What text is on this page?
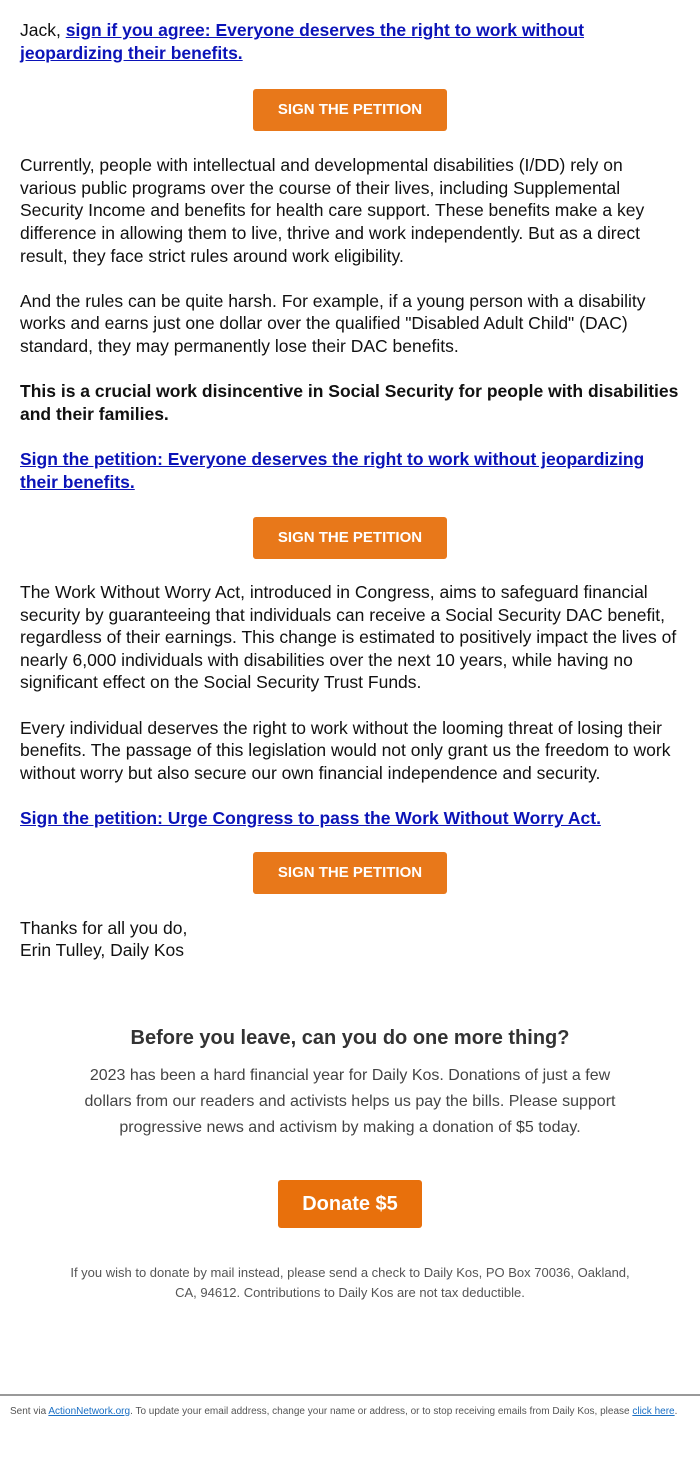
Jack, sign if you agree: Everyone deserves the right to work without jeopardizing their benefits.

SIGN THE PETITION

Currently, people with intellectual and developmental disabilities (I/DD) rely on various public programs over the course of their lives, including Supplemental Security Income and benefits for health care support. These benefits make a key difference in allowing them to live, thrive and work independently. But as a direct result, they face strict rules around work eligibility.

And the rules can be quite harsh. For example, if a young person with a disability works and earns just one dollar over the qualified "Disabled Adult Child" (DAC) standard, they may permanently lose their DAC benefits.

This is a crucial work disincentive in Social Security for people with disabilities and their families.

Sign the petition: Everyone deserves the right to work without jeopardizing their benefits.

SIGN THE PETITION

The Work Without Worry Act, introduced in Congress, aims to safeguard financial security by guaranteeing that individuals can receive a Social Security DAC benefit, regardless of their earnings. This change is estimated to positively impact the lives of nearly 6,000 individuals with disabilities over the next 10 years, while having no significant effect on the Social Security Trust Funds.

Every individual deserves the right to work without the looming threat of losing their benefits. The passage of this legislation would not only grant us the freedom to work without worry but also secure our own financial independence and security.

Sign the petition: Urge Congress to pass the Work Without Worry Act.

SIGN THE PETITION

Thanks for all you do,

Erin Tulley, Daily Kos

Before you leave, can you do one more thing?
2023 has been a hard financial year for Daily Kos. Donations of just a few dollars from our readers and activists helps us pay the bills. Please support progressive news and activism by making a donation of $5 today.
Donate $5
If you wish to donate by mail instead, please send a check to Daily Kos, PO Box 70036, Oakland, CA, 94612. Contributions to Daily Kos are not tax deductible.
Sent via ActionNetwork.org. To update your email address, change your name or address, or to stop receiving emails from Daily Kos, please click here.
